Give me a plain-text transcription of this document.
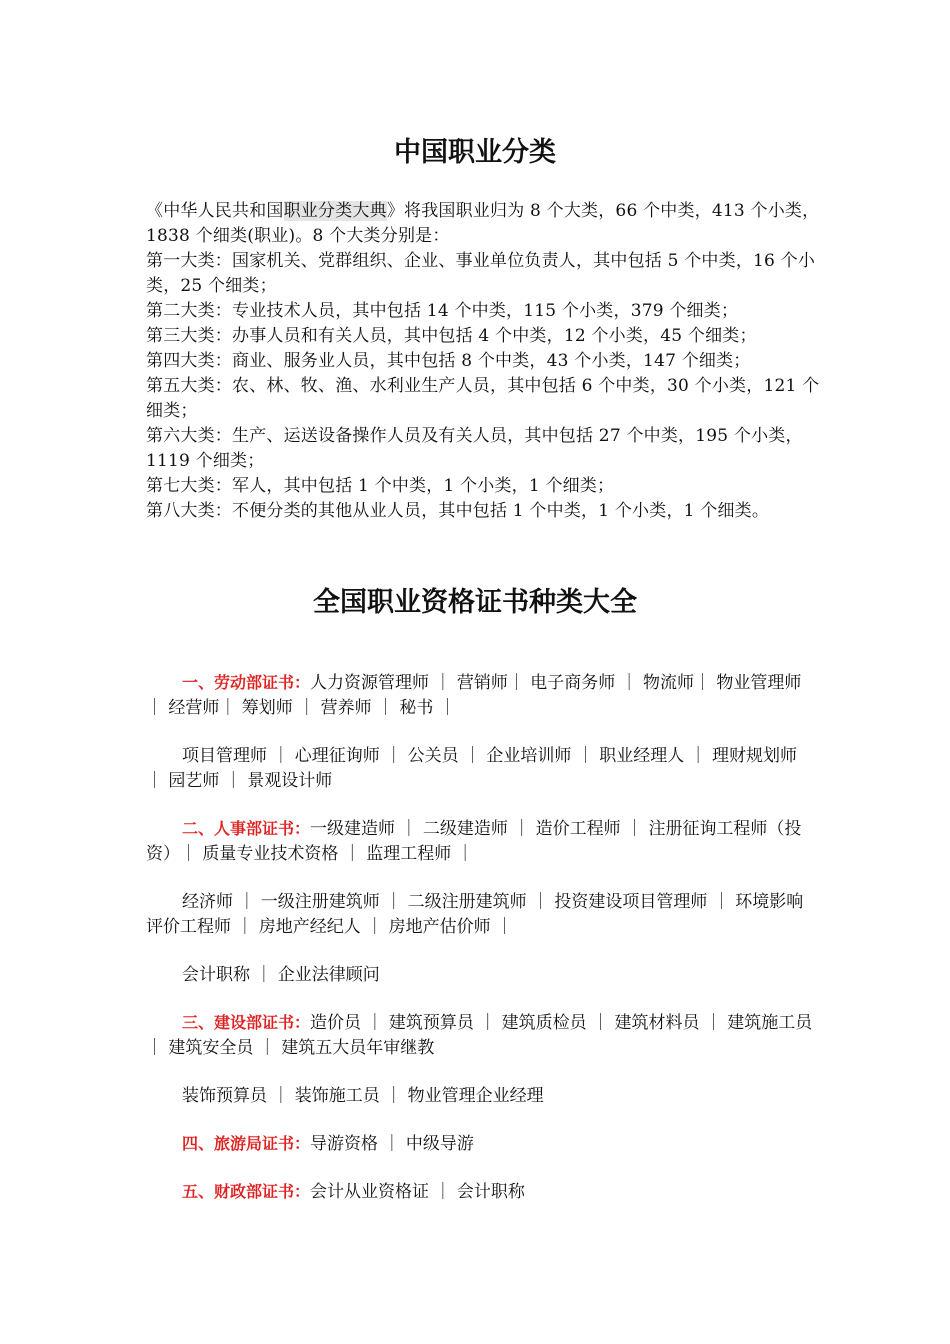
中国职业分类

《中华人民共和国职业分类大典》将我国职业归为 8 个大类，66 个中类，413 个小类，1838 个细类(职业)。8 个大类分别是：

第一大类：国家机关、党群组织、企业、事业单位负责人，其中包括 5 个中类，16 个小类，25 个细类；

第二大类：专业技术人员，其中包括 14 个中类，115 个小类，379 个细类；

第三大类：办事人员和有关人员，其中包括 4 个中类，12 个小类，45 个细类；

第四大类：商业、服务业人员，其中包括 8 个中类，43 个小类，147 个细类；

第五大类：农、林、牧、渔、水利业生产人员，其中包括 6 个中类，30 个小类，121 个细类；

第六大类：生产、运送设备操作人员及有关人员，其中包括 27 个中类，195 个小类，1119 个细类；

第七大类：军人，其中包括 1 个中类，1 个小类，1 个细类；

第八大类：不便分类的其他从业人员，其中包括 1 个中类，1 个小类，1 个细类。

全国职业资格证书种类大全

一、劳动部证书：人力资源管理师 ｜ 营销师｜ 电子商务师 ｜ 物流师｜ 物业管理师 ｜ 经营师｜ 筹划师 ｜ 营养师 ｜ 秘书 ｜

项目管理师 ｜ 心理征询师 ｜ 公关员 ｜ 企业培训师 ｜ 职业经理人 ｜ 理财规划师 ｜ 园艺师 ｜ 景观设计师

二、人事部证书：一级建造师 ｜ 二级建造师 ｜ 造价工程师 ｜ 注册征询工程师（投资）｜ 质量专业技术资格 ｜ 监理工程师 ｜

经济师 ｜ 一级注册建筑师 ｜ 二级注册建筑师 ｜ 投资建设项目管理师 ｜ 环境影响评价工程师 ｜ 房地产经纪人 ｜ 房地产估价师 ｜

会计职称 ｜ 企业法律顾问

三、建设部证书：造价员 ｜ 建筑预算员 ｜ 建筑质检员 ｜ 建筑材料员 ｜ 建筑施工员 ｜ 建筑安全员 ｜ 建筑五大员年审继教

装饰预算员 ｜ 装饰施工员 ｜ 物业管理企业经理

四、旅游局证书：导游资格 ｜ 中级导游

五、财政部证书：会计从业资格证 ｜ 会计职称
